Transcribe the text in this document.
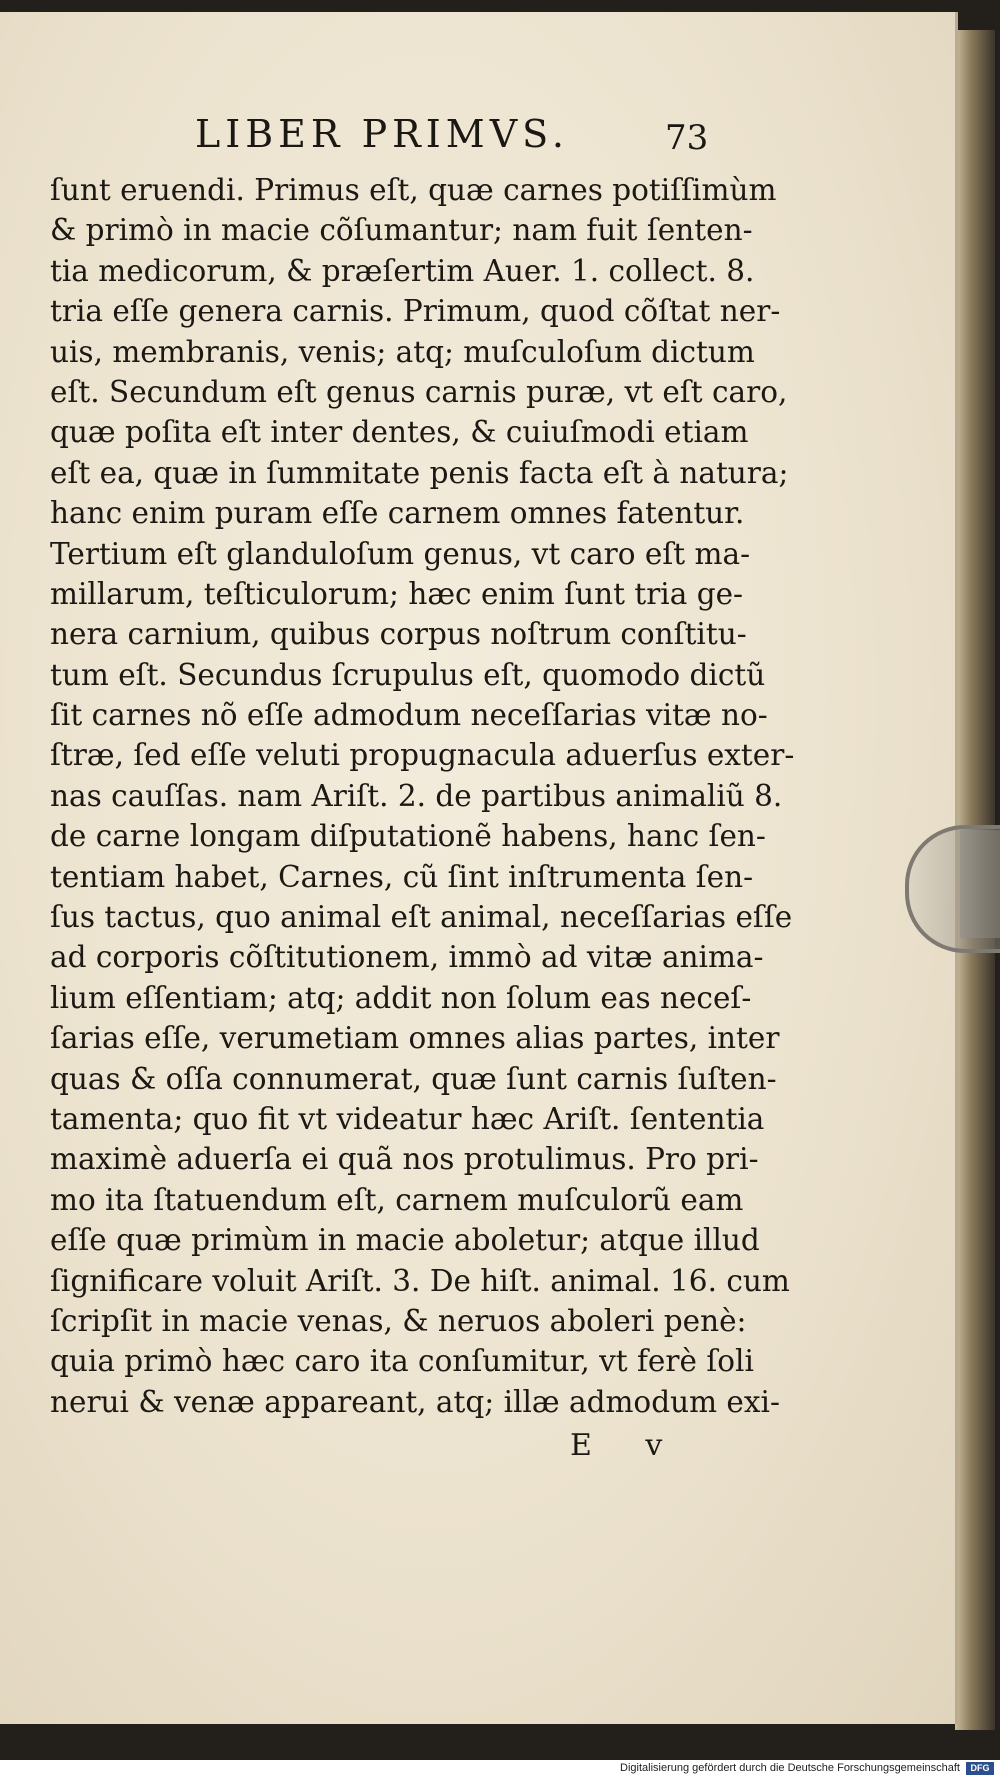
LIBER PRIMVS.	73
ſunt eruendi. Primus eſt, quæ carnes potiſſimùm
& primò in macie cõſumantur; nam fuit ſenten-
tia medicorum, & præſertim Auer. 1. collect. 8.
tria eſſe genera carnis. Primum, quod cõſtat ner-
uis, membranis, venis; atq; muſculoſum dictum
eſt. Secundum eſt genus carnis puræ, vt eſt caro,
quæ poſita eſt inter dentes, & cuiuſmodi etiam
eſt ea, quæ in ſummitate penis facta eſt à natura;
hanc enim puram eſſe carnem omnes fatentur.
Tertium eſt glanduloſum genus, vt caro eſt ma-
millarum, teſticulorum; hæc enim ſunt tria ge-
nera carnium, quibus corpus noſtrum conſtitu-
tum eſt. Secundus ſcrupulus eſt, quomodo dictũ
ſit carnes nõ eſſe admodum neceſſarias vitæ no-
ſtræ, ſed eſſe veluti propugnacula aduerſus exter-
nas cauſſas. nam Ariſt. 2. de partibus animaliũ 8.
de carne longam diſputationẽ habens, hanc ſen-
tentiam habet, Carnes, cũ ſint inſtrumenta ſen-
ſus tactus, quo animal eſt animal, neceſſarias eſſe
ad corporis cõſtitutionem, immò ad vitæ anima-
lium eſſentiam; atq; addit non ſolum eas neceſ-
ſarias eſſe, verumetiam omnes alias partes, inter
quas & oſſa connumerat, quæ ſunt carnis ſuſten-
tamenta; quo fit vt videatur hæc Ariſt. ſententia
maximè aduerſa ei quã nos protulimus. Pro pri-
mo ita ſtatuendum eſt, carnem muſculorũ eam
eſſe quæ primùm in macie aboletur; atque illud
ſignificare voluit Ariſt. 3. De hiſt. animal. 16. cum
ſcripſit in macie venas, & neruos aboleri penè:
quia primò hæc caro ita conſumitur, vt ferè ſoli
nerui & venæ appareant, atq; illæ admodum exi-
E v
Digitalisierung gefördert durch die Deutsche Forschungsgemeinschaft	DFG
